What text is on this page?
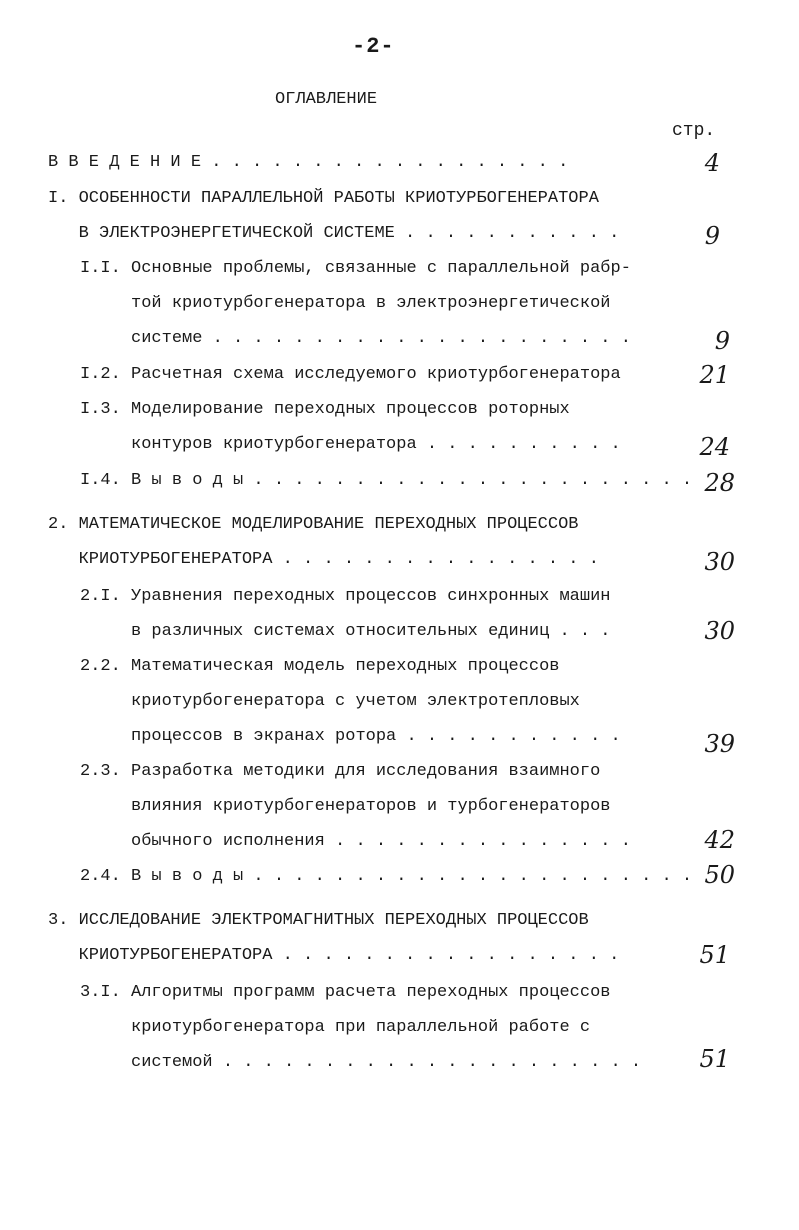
-2-
ОГЛАВЛЕНИЕ
стр.
В В Е Д Е Н И Е . . . . . . . . . . . . . . . . . .	4
I. ОСОБЕННОСТИ ПАРАЛЛЕЛЬНОЙ РАБОТЫ КРИОТУРБОГЕНЕРАТОРА
В ЭЛЕКТРОЭНЕРГЕТИЧЕСКОЙ СИСТЕМЕ . . . . . . . . . . .	9
I.I. Основные проблемы, связанные с параллельной рабр-
той криотурбогенератора в электроэнергетической
системе . . . . . . . . . . . . . . . . . . . . .	9
I.2. Расчетная схема исследуемого криотурбогенератора	21
I.3. Моделирование переходных процессов роторных
контуров криотурбогенератора . . . . . . . . . .	24
I.4. В ы в о д ы . . . . . . . . . . . . . . . . . . . . . . 28
2. МАТЕМАТИЧЕСКОЕ МОДЕЛИРОВАНИЕ ПЕРЕХОДНЫХ ПРОЦЕССОВ
КРИОТУРБОГЕНЕРАТОРА . . . . . . . . . . . . . . . .	30
2.I. Уравнения переходных процессов синхронных машин
в различных системах относительных единиц . . .	30
2.2. Математическая модель переходных процессов
криотурбогенератора с учетом электротепловых
процессов в экранах ротора . . . . . . . . . . .	39
2.3. Разработка методики для исследования взаимного
влияния криотурбогенераторов и турбогенераторов
обычного исполнения . . . . . . . . . . . . . . .	42
2.4. В ы в о д ы . . . . . . . . . . . . . . . . . . . . . . 50
3. ИССЛЕДОВАНИЕ ЭЛЕКТРОМАГНИТНЫХ ПЕРЕХОДНЫХ ПРОЦЕССОВ
КРИОТУРБОГЕНЕРАТОРА . . . . . . . . . . . . . . . . .	51
3.I. Алгоритмы программ расчета переходных процессов
криотурбогенератора при параллельной работе с
системой . . . . . . . . . . . . . . . . . . . . .	51
